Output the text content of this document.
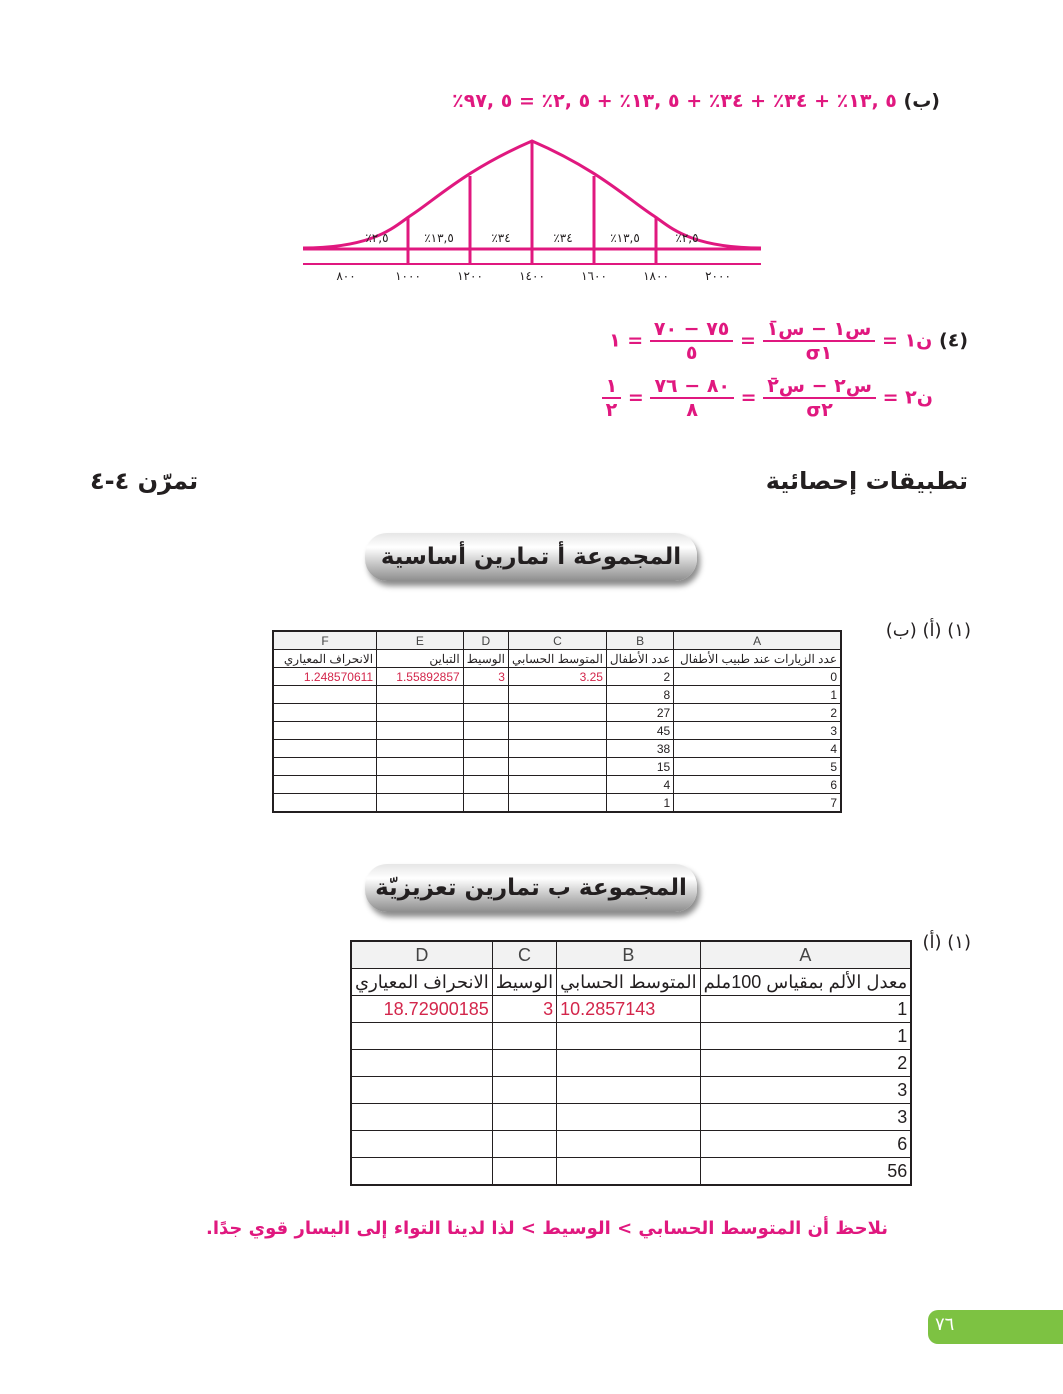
(ب) ٥ ,١٣٪ + ٣٤٪ + ٣٤٪ + ٥ ,١٣٪ + ٥ ,٢٪ = ٥ ,٩٧٪
٪٢,٥	٪١٣,٥	٪٣٤	٪٣٤	٪١٣,٥	٪٢,٥
٨٠٠	١٠٠٠	١٢٠٠	١٤٠٠	١٦٠٠	١٨٠٠	٢٠٠٠
(٤) ن١ =
$\frac{\text{س١ − س̄١}}{\sigma ١}$
=
$\frac{٧٥ - ٧٠}{٥}$
= ١
ن٢ =
$\frac{\text{س٢ − س̄٢}}{\sigma ٢}$
=
$\frac{٨٠ - ٧٦}{٨}$
=
$\frac{١}{٢}$
تطبيقات إحصائية
تمرّن ٤-٤
المجموعة أ تمارين أساسية
(١) (أ) (ب)
F	E	D	C	B	A
الانحراف المعياري	التباين	الوسيط	المتوسط الحسابي	عدد الأطفال	عدد الزيارات عند طبيب الأطفال
1.248570611	1.55892857	3	3.25	2	0
				8	1
				27	2
				45	3
				38	4
				15	5
				4	6
				1	7
المجموعة ب تمارين تعزيزيّة
(١) (أ)
D	C	B	A
الانحراف المعياري	الوسيط	المتوسط الحسابي	معدل الألم بمقياس 100ملم
18.72900185	3	10.2857143	1
			1
			2
			3
			3
			6
			56
نلاحظ أن المتوسط الحسابي > الوسيط > لذا لدينا التواء إلى اليسار قوي جدًا.
٧٦
